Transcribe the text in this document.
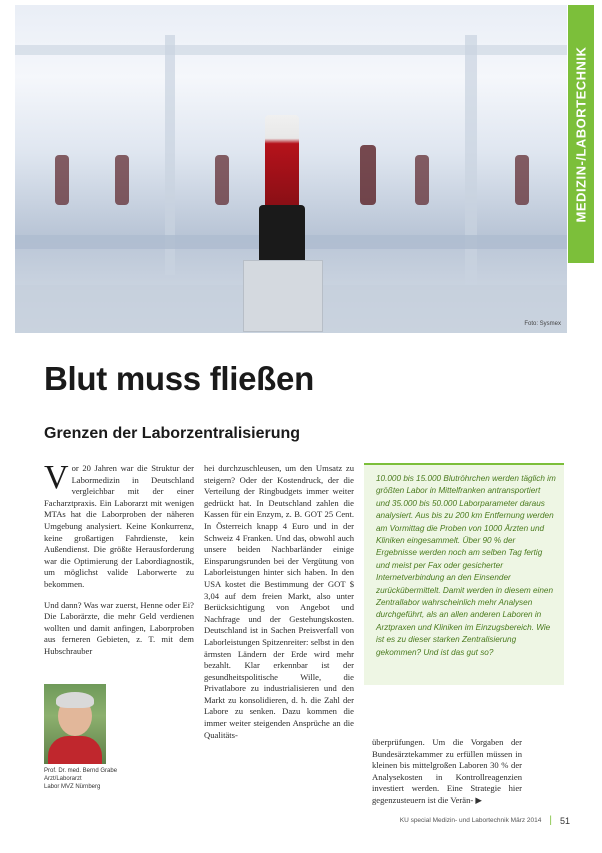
Foto: Sysmex
MEDIZIN-/LABORTECHNIK
Blut muss fließen
Grenzen der Laborzentralisierung

Vor 20 Jahren war die Struktur der Labormedizin in Deutschland vergleichbar mit der einer Facharztpraxis. Ein Laborarzt mit wenigen MTAs hat die Laborproben der näheren Umgebung analysiert. Keine Konkurrenz, keine großartigen Fahrdienste, kein Außendienst. Die größte Herausforderung war die Optimierung der Labordiagnostik, um möglichst valide Laborwerte zu bekommen.

Und dann? Was war zuerst, Henne oder Ei? Die Laborärzte, die mehr Geld verdienen wollten und damit anfingen, Laborproben aus ferneren Gebieten, z. T. mit dem Hubschrauber

hei durchzuschleusen, um den Umsatz zu steigern? Oder der Kostendruck, der die Verteilung der Ringbudgets immer weiter gedrückt hat. In Deutschland zahlen die Kassen für ein Enzym, z. B. GOT 25 Cent. In Österreich knapp 4 Euro und in der Schweiz 4 Franken. Und das, obwohl auch unsere beiden Nachbarländer einige Einsparungsrunden bei der Vergütung von Laborleistungen hinter sich haben. In den USA kostet die Bestimmung der GOT $ 3,04 auf dem freien Markt, also unter Berücksichtigung von Angebot und Nachfrage und der Gestehungskosten. Deutschland ist in Sachen Preisverfall von Laborleistungen Spitzenreiter: selbst in den ärmsten Ländern der Erde wird mehr bezahlt. Klar erkennbar ist der gesundheitspolitische Wille, die Privatlabore zu industrialisieren und den Markt zu konsolidieren, d. h. die Zahl der Labore zu senken. Dazu kommen die immer weiter steigenden Ansprüche an die Qualitäts-

10.000 bis 15.000 Blutröhrchen werden täglich im größten Labor in Mittelfranken antransportiert und 35.000 bis 50.000 Laborparameter daraus analysiert. Aus bis zu 200 km Entfernung werden am Vormittag die Proben von 1000 Ärzten und Kliniken eingesammelt. Über 90 % der Ergebnisse werden noch am selben Tag fertig und meist per Fax oder gesicherter Internetverbindung an den Einsender zurückübermittelt. Damit werden in diesem einen Zentrallabor wahrscheinlich mehr Analysen durchgeführt, als an allen anderen Laboren in Arztpraxen und Kliniken im Einzugsbereich. Wie ist es zu dieser starken Zentralisierung gekommen? Und ist das gut so?

überprüfungen. Um die Vorgaben der Bundesärztekammer zu erfüllen müssen in kleinen bis mittelgroßen Laboren 30 % der Analysekosten in Kontrollreagenzien investiert werden. Eine Strategie hier gegenzusteuern ist die Verän- ▶

Prof. Dr. med. Bernd Grabe
Arzt/Laborarzt
Labor MVZ Nürnberg
KU special Medizin- und Labortechnik März 2014 | 51
